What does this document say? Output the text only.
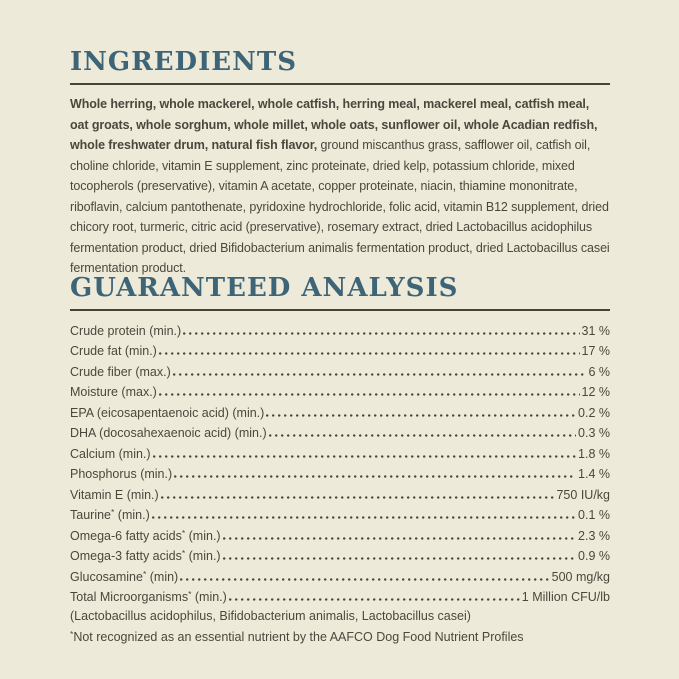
INGREDIENTS

Whole herring, whole mackerel, whole catfish, herring meal, mackerel meal, catfish meal, oat groats, whole sorghum, whole millet, whole oats, sunflower oil, whole Acadian redfish, whole freshwater drum, natural fish flavor, ground miscanthus grass, safflower oil, catfish oil, choline chloride, vitamin E supplement, zinc proteinate, dried kelp, potassium chloride, mixed tocopherols (preservative), vitamin A acetate, copper proteinate, niacin, thiamine mononitrate, riboflavin, calcium pantothenate, pyridoxine hydrochloride, folic acid, vitamin B12 supplement, dried chicory root, turmeric, citric acid (preservative), rosemary extract, dried Lactobacillus acidophilus fermentation product, dried Bifidobacterium animalis fermentation product, dried Lactobacillus casei fermentation product.

GUARANTEED ANALYSIS
Crude protein (min.)	31 %
Crude fat (min.)	17 %
Crude fiber (max.)	6 %
Moisture (max.)	12 %
EPA (eicosapentaenoic acid) (min.)	0.2 %
DHA (docosahexaenoic acid) (min.)	0.3 %
Calcium (min.)	1.8 %
Phosphorus (min.)	1.4 %
Vitamin E (min.)	750 IU/kg
Taurine* (min.)	0.1 %
Omega-6 fatty acids* (min.)	2.3 %
Omega-3 fatty acids* (min.)	0.9 %
Glucosamine* (min)	500 mg/kg
Total Microorganisms* (min.)	1 Million CFU/lb
(Lactobacillus acidophilus, Bifidobacterium animalis, Lactobacillus casei)
*Not recognized as an essential nutrient by the AAFCO Dog Food Nutrient Profiles
